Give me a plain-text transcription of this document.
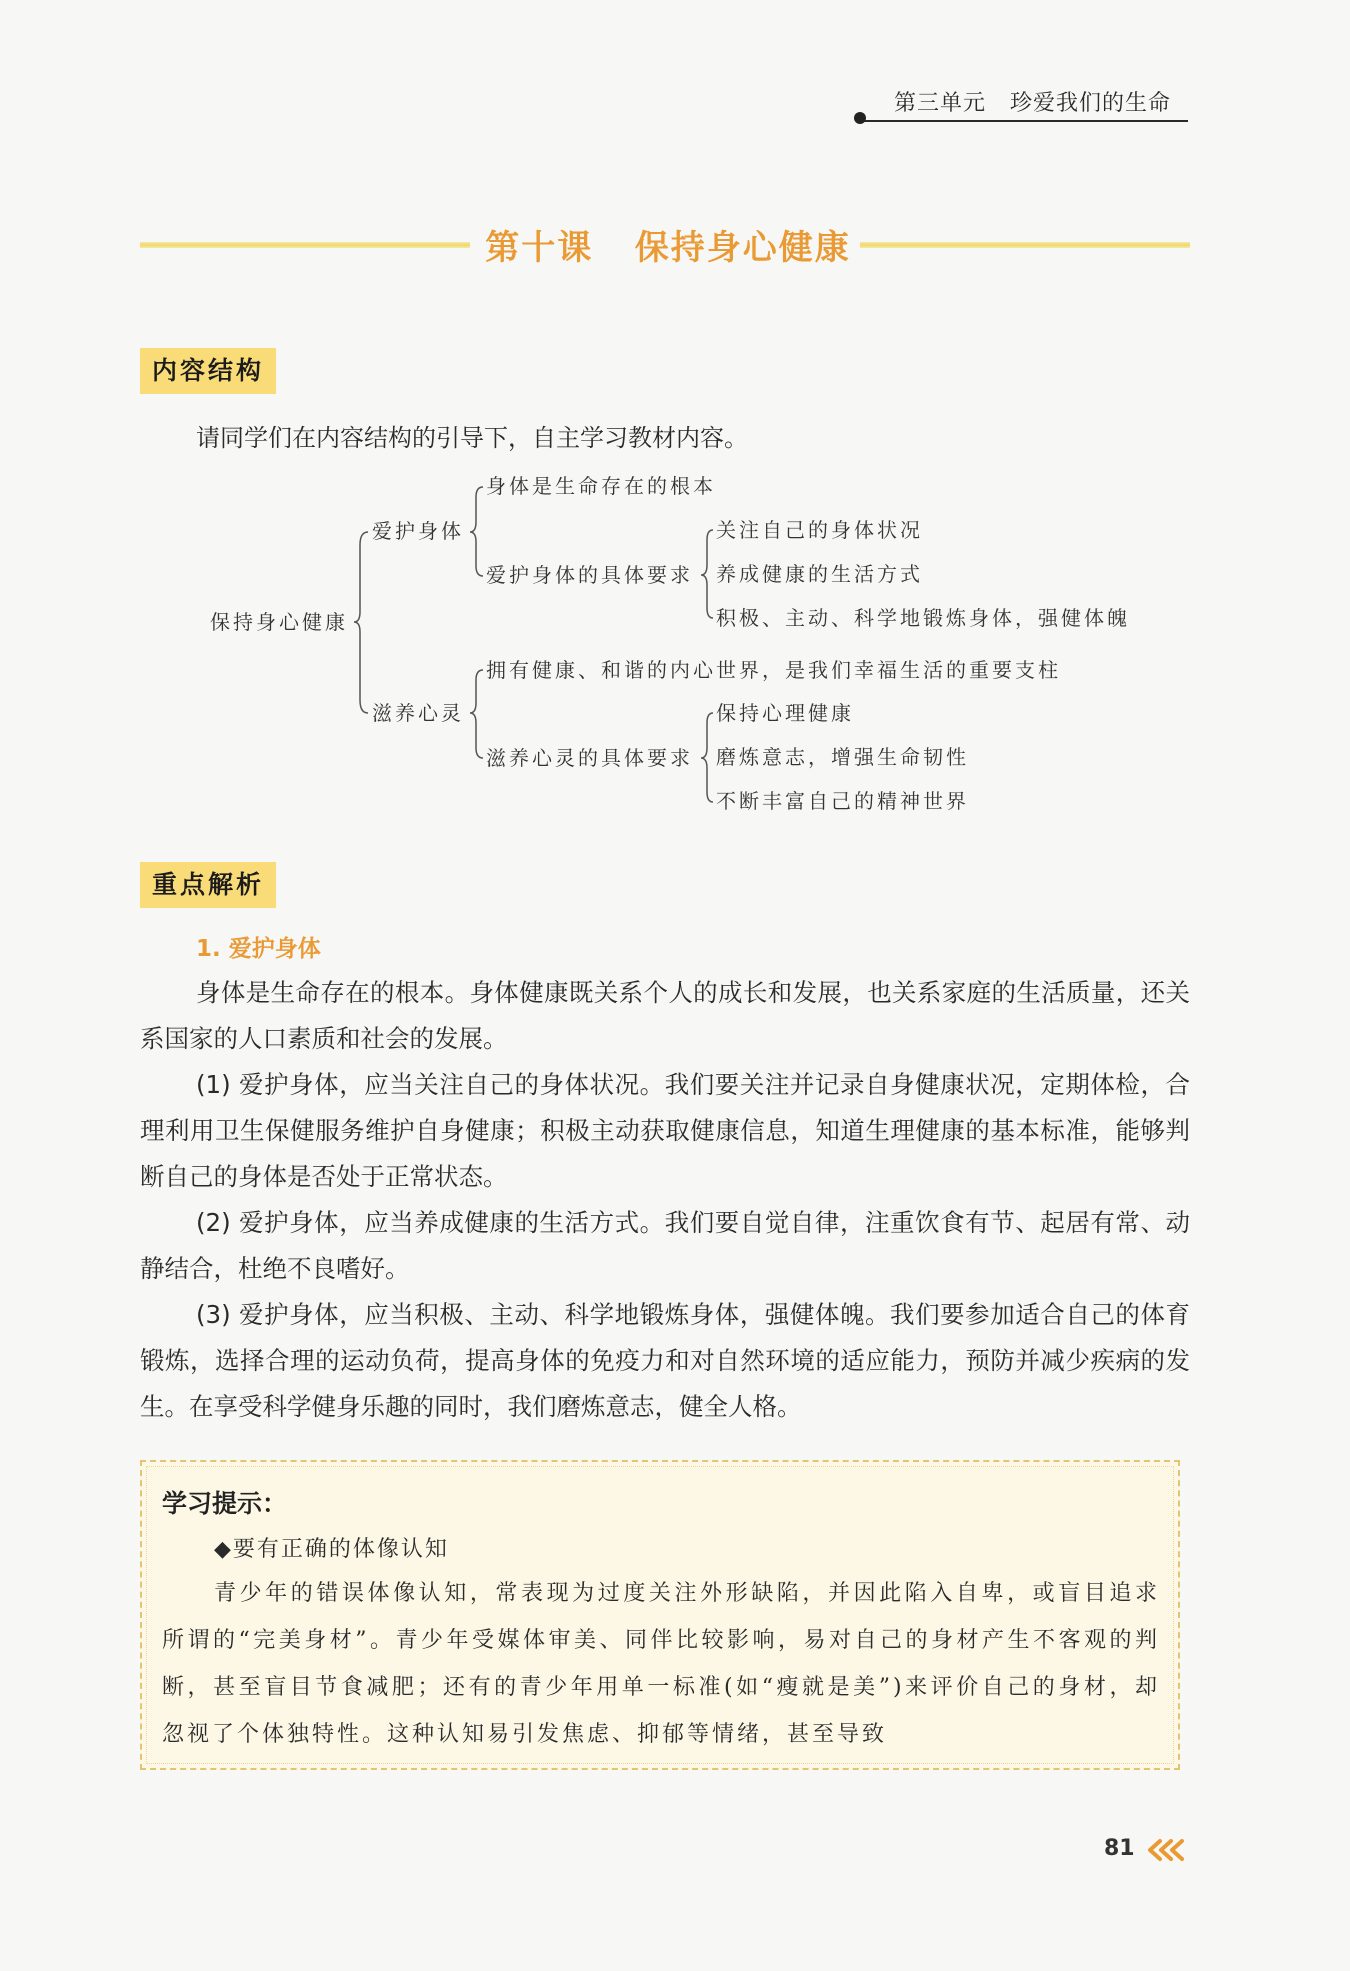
第三单元 珍爱我们的生命
第十课 保持身心健康
内容结构
请同学们在内容结构的引导下，自主学习教材内容。
保持身心健康
爱护身体
身体是生命存在的根本
爱护身体的具体要求
关注自己的身体状况
养成健康的生活方式
积极、主动、科学地锻炼身体，强健体魄
滋养心灵
拥有健康、和谐的内心世界，是我们幸福生活的重要支柱
滋养心灵的具体要求
保持心理健康
磨炼意志，增强生命韧性
不断丰富自己的精神世界
重点解析
1. 爱护身体
身体是生命存在的根本。身体健康既关系个人的成长和发展，也关系家庭的生活质量，还关系国家的人口素质和社会的发展。
(1) 爱护身体，应当关注自己的身体状况。我们要关注并记录自身健康状况，定期体检，合理利用卫生保健服务维护自身健康；积极主动获取健康信息，知道生理健康的基本标准，能够判断自己的身体是否处于正常状态。
(2) 爱护身体，应当养成健康的生活方式。我们要自觉自律，注重饮食有节、起居有常、动静结合，杜绝不良嗜好。
(3) 爱护身体，应当积极、主动、科学地锻炼身体，强健体魄。我们要参加适合自己的体育锻炼，选择合理的运动负荷，提高身体的免疫力和对自然环境的适应能力，预防并减少疾病的发生。在享受科学健身乐趣的同时，我们磨炼意志，健全人格。
学习提示：
◆要有正确的体像认知
青少年的错误体像认知，常表现为过度关注外形缺陷，并因此陷入自卑，或盲目追求所谓的“完美身材”。青少年受媒体审美、同伴比较影响，易对自己的身材产生不客观的判断，甚至盲目节食减肥；还有的青少年用单一标准(如“瘦就是美”)来评价自己的身材，却忽视了个体独特性。这种认知易引发焦虑、抑郁等情绪，甚至导致
81
